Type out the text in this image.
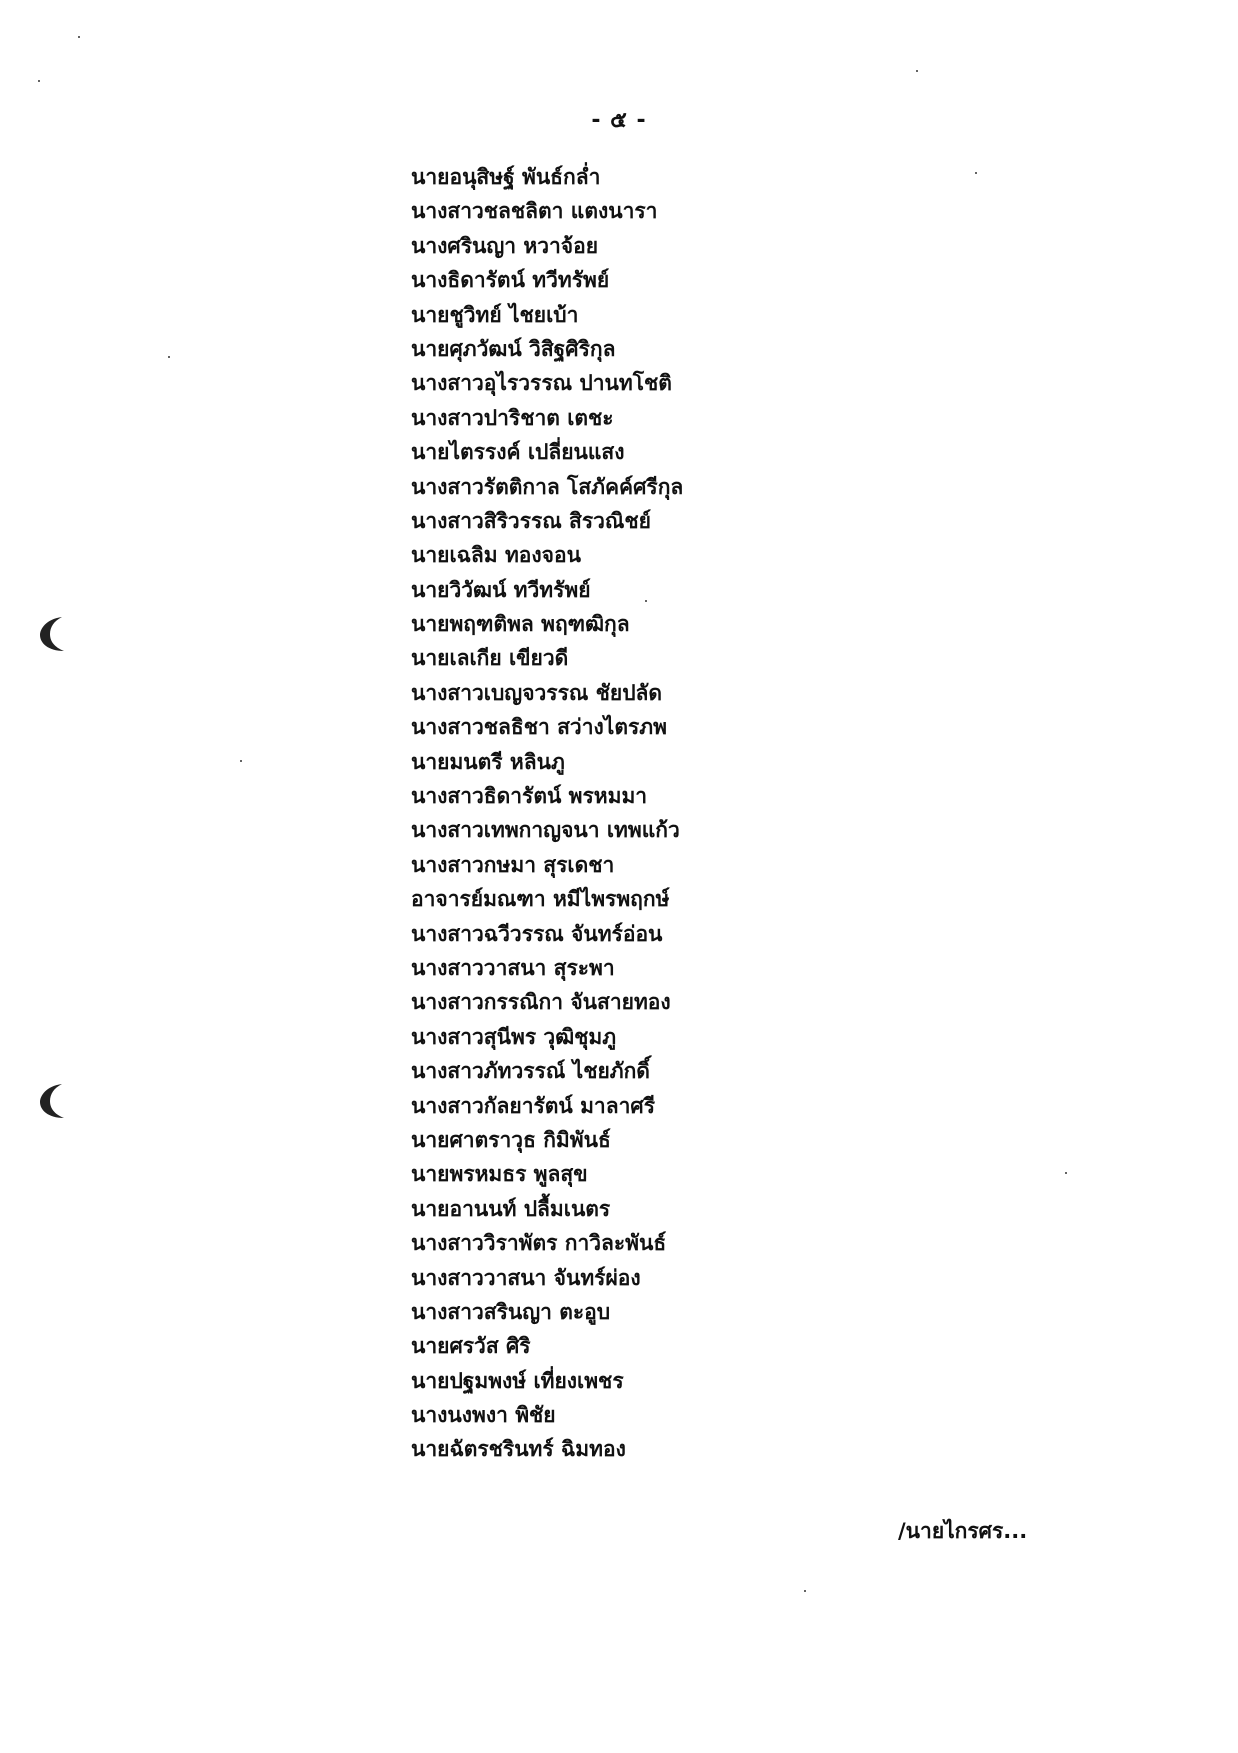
- ๕ -
นายอนุสิษฐ์ พันธ์กล่ำ
นางสาวชลชลิตา แตงนารา
นางศรินญา หวาจ้อย
นางธิดารัตน์ ทวีทรัพย์
นายชูวิทย์ ไชยเบ้า
นายศุภวัฒน์ วิสิฐศิริกุล
นางสาวอุไรวรรณ ปานทโชติ
นางสาวปาริชาต เตชะ
นายไตรรงค์ เปลี่ยนแสง
นางสาวรัตติกาล โสภัคค์ศรีกุล
นางสาวสิริวรรณ สิรวณิชย์
นายเฉลิม ทองจอน
นายวิวัฒน์ ทวีทรัพย์
นายพฤฑติพล พฤฑฒิกุล
นายเลเกีย เขียวดี
นางสาวเบญจวรรณ ชัยปลัด
นางสาวชลธิชา สว่างไตรภพ
นายมนตรี หลินภู
นางสาวธิดารัตน์ พรหมมา
นางสาวเทพกาญจนา เทพแก้ว
นางสาวกษมา สุรเดชา
อาจารย์มณฑา หมีไพรพฤกษ์
นางสาวฉวีวรรณ จันทร์อ่อน
นางสาววาสนา สุระพา
นางสาวกรรณิกา จันสายทอง
นางสาวสุนีพร วุฒิชุมภู
นางสาวภัทวรรณ์ ไชยภักดิ์
นางสาวกัลยารัตน์ มาลาศรี
นายศาตราวุธ กิมิพันธ์
นายพรหมธร พูลสุข
นายอานนท์ ปลื้มเนตร
นางสาววิราพัตร กาวิละพันธ์
นางสาววาสนา จันทร์ผ่อง
นางสาวสรินญา ตะอูบ
นายศรวัส ศิริ
นายปฐมพงษ์ เที่ยงเพชร
นางนงพงา พิชัย
นายฉัตรชรินทร์ ฉิมทอง
/นายไกรศร...
